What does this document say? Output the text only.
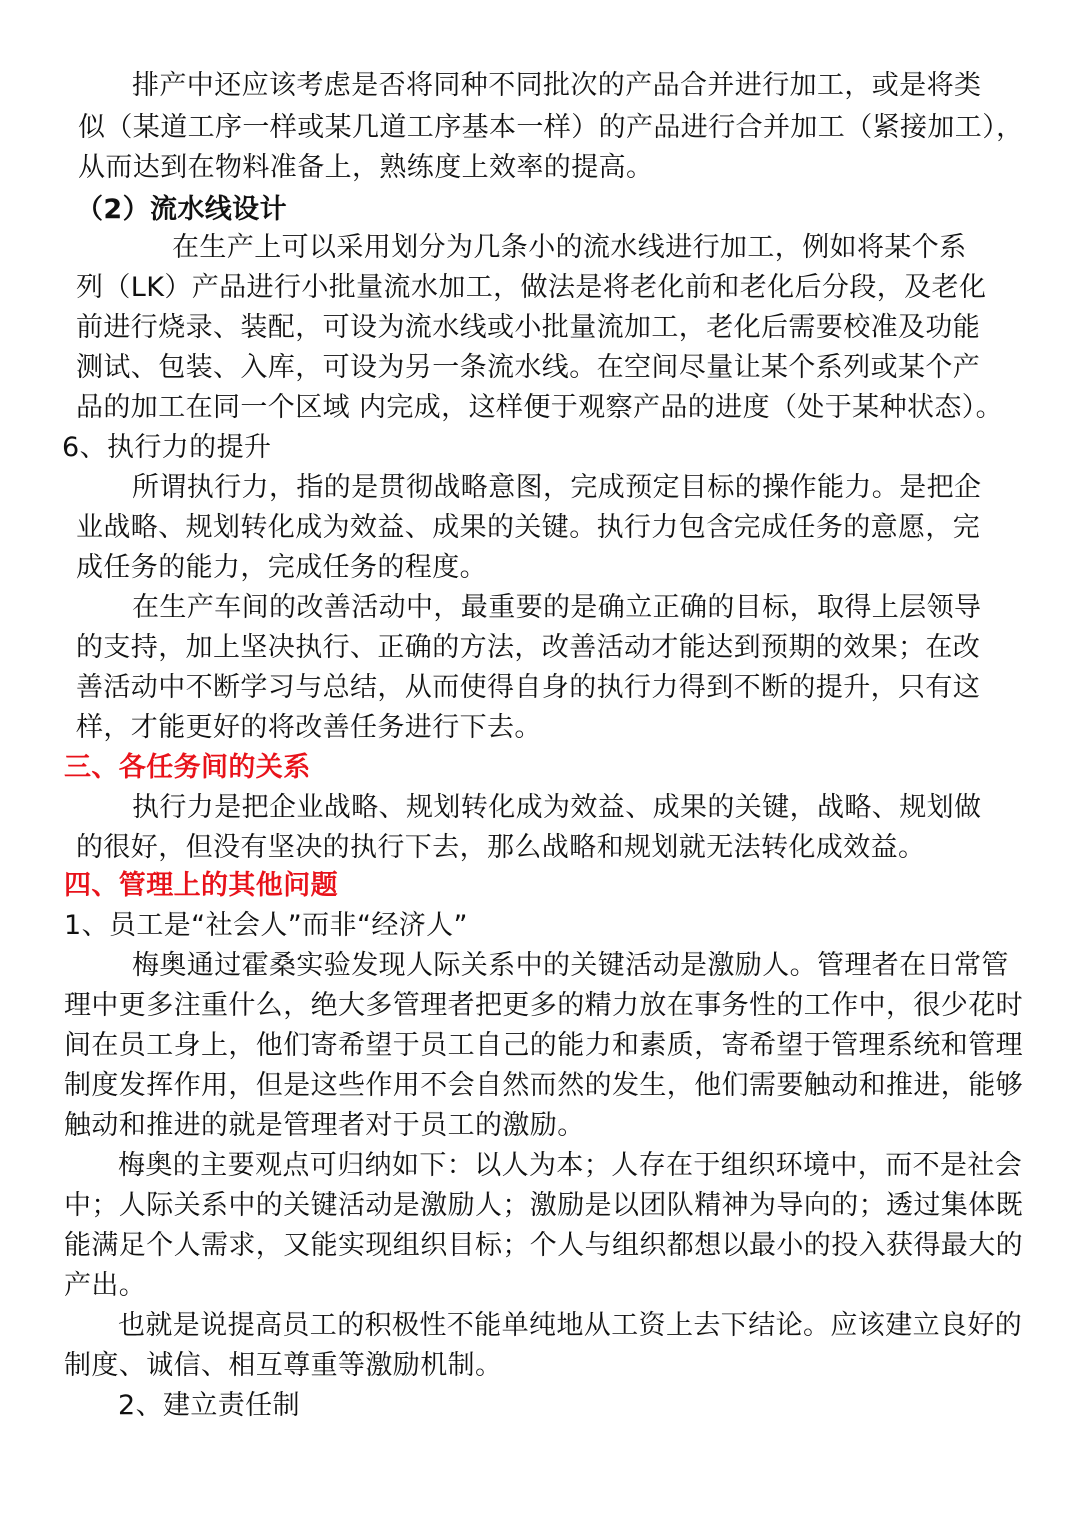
排产中还应该考虑是否将同种不同批次的产品合并进行加工，或是将类

似（某道工序一样或某几道工序基本一样）的产品进行合并加工（紧接加工），

从而达到在物料准备上，熟练度上效率的提高。

（2）流水线设计

在生产上可以采用划分为几条小的流水线进行加工，例如将某个系

列（LK）产品进行小批量流水加工，做法是将老化前和老化后分段，及老化

前进行烧录、装配，可设为流水线或小批量流加工，老化后需要校准及功能

测试、包装、入库，可设为另一条流水线。在空间尽量让某个系列或某个产

品的加工在同一个区域 内完成，这样便于观察产品的进度（处于某种状态）。

6、执行力的提升

所谓执行力，指的是贯彻战略意图，完成预定目标的操作能力。是把企

业战略、规划转化成为效益、成果的关键。执行力包含完成任务的意愿，完

成任务的能力，完成任务的程度。

在生产车间的改善活动中，最重要的是确立正确的目标，取得上层领导

的支持，加上坚决执行、正确的方法，改善活动才能达到预期的效果；在改

善活动中不断学习与总结，从而使得自身的执行力得到不断的提升，只有这

样，才能更好的将改善任务进行下去。

三、各任务间的关系

执行力是把企业战略、规划转化成为效益、成果的关键，战略、规划做

的很好，但没有坚决的执行下去，那么战略和规划就无法转化成效益。

四、管理上的其他问题

1、员工是“社会人”而非“经济人”

梅奥通过霍桑实验发现人际关系中的关键活动是激励人。管理者在日常管

理中更多注重什么，绝大多管理者把更多的精力放在事务性的工作中，很少花时

间在员工身上，他们寄希望于员工自己的能力和素质，寄希望于管理系统和管理

制度发挥作用，但是这些作用不会自然而然的发生，他们需要触动和推进，能够

触动和推进的就是管理者对于员工的激励。

梅奥的主要观点可归纳如下：以人为本；人存在于组织环境中，而不是社会

中；人际关系中的关键活动是激励人；激励是以团队精神为导向的；透过集体既

能满足个人需求，又能实现组织目标；个人与组织都想以最小的投入获得最大的

产出。

也就是说提高员工的积极性不能单纯地从工资上去下结论。应该建立良好的

制度、诚信、相互尊重等激励机制。

2、建立责任制
